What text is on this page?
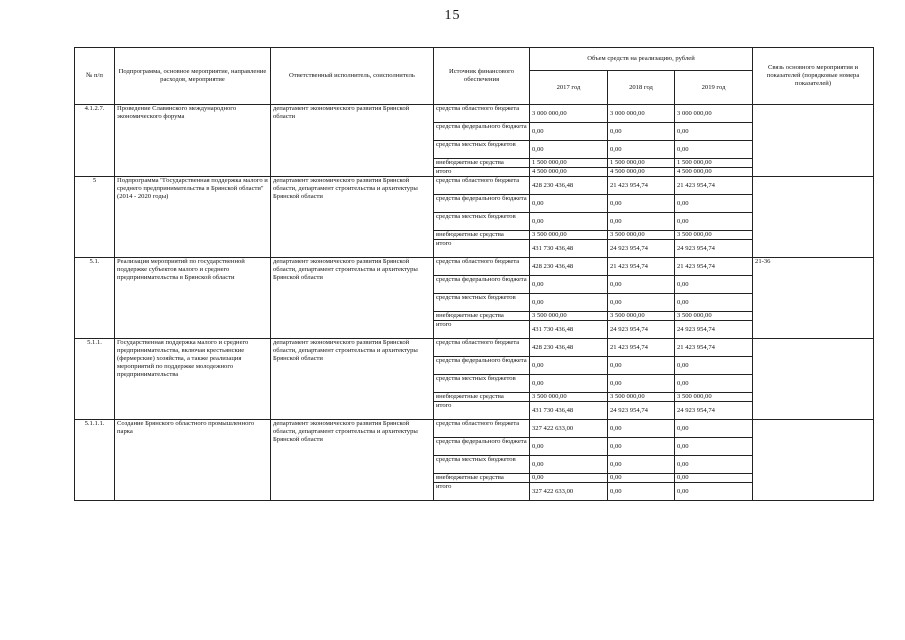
15
№ п/п	Подпрограмма, основное мероприятие, направление расходов, мероприятие	Ответственный исполнитель, соисполнитель	Источник финансового обеспечения	Объем средств на реализацию, рублей			Связь основного мероприятия и показателей (порядковые номера показателей)
				2017 год	2018 год	2019 год	
4.1.2.7.	Проведение Славянского международного экономического форума	департамент экономического развития Брянской области	средства областного бюджета	3 000 000,00	3 000 000,00	3 000 000,00	
			средства федерального бюджета	0,00	0,00	0,00	
			средства местных бюджетов	0,00	0,00	0,00	
			внебюджетные средства	1 500 000,00	1 500 000,00	1 500 000,00	
			итого	4 500 000,00	4 500 000,00	4 500 000,00	
5	Подпрограмма "Государственная поддержка малого и среднего предпринимательства в Брянской области" (2014 - 2020 годы)	департамент экономического развития Брянской области, департамент строительства и архитектуры Брянской области	средства областного бюджета	428 230 436,48	21 423 954,74	21 423 954,74	
			средства федерального бюджета	0,00	0,00	0,00	
			средства местных бюджетов	0,00	0,00	0,00	
			внебюджетные средства	3 500 000,00	3 500 000,00	3 500 000,00	
			итого	431 730 436,48	24 923 954,74	24 923 954,74	
5.1.	Реализация мероприятий по государственной поддержке субъектов малого и среднего предпринимательства в Брянской области	департамент экономического развития Брянской области, департамент строительства и архитектуры Брянской области	средства областного бюджета	428 230 436,48	21 423 954,74	21 423 954,74	21-36
			средства федерального бюджета	0,00	0,00	0,00	
			средства местных бюджетов	0,00	0,00	0,00	
			внебюджетные средства	3 500 000,00	3 500 000,00	3 500 000,00	
			итого	431 730 436,48	24 923 954,74	24 923 954,74	
5.1.1.	Государственная поддержка малого и среднего предпринимательства, включая крестьянские (фермерские) хозяйства, а также реализация мероприятий по поддержке молодежного предпринимательства	департамент экономического развития Брянской области, департамент строительства и архитектуры Брянской области	средства областного бюджета	428 230 436,48	21 423 954,74	21 423 954,74	
			средства федерального бюджета	0,00	0,00	0,00	
			средства местных бюджетов	0,00	0,00	0,00	
			внебюджетные средства	3 500 000,00	3 500 000,00	3 500 000,00	
			итого	431 730 436,48	24 923 954,74	24 923 954,74	
5.1.1.1.	Создание Брянского областного промышленного парка	департамент экономического развития Брянской области, департамент строительства и архитектуры Брянской области	средства областного бюджета	327 422 633,00	0,00	0,00	
			средства федерального бюджета	0,00	0,00	0,00	
			средства местных бюджетов	0,00	0,00	0,00	
			внебюджетные средства	0,00	0,00	0,00	
			итого	327 422 633,00	0,00	0,00	
